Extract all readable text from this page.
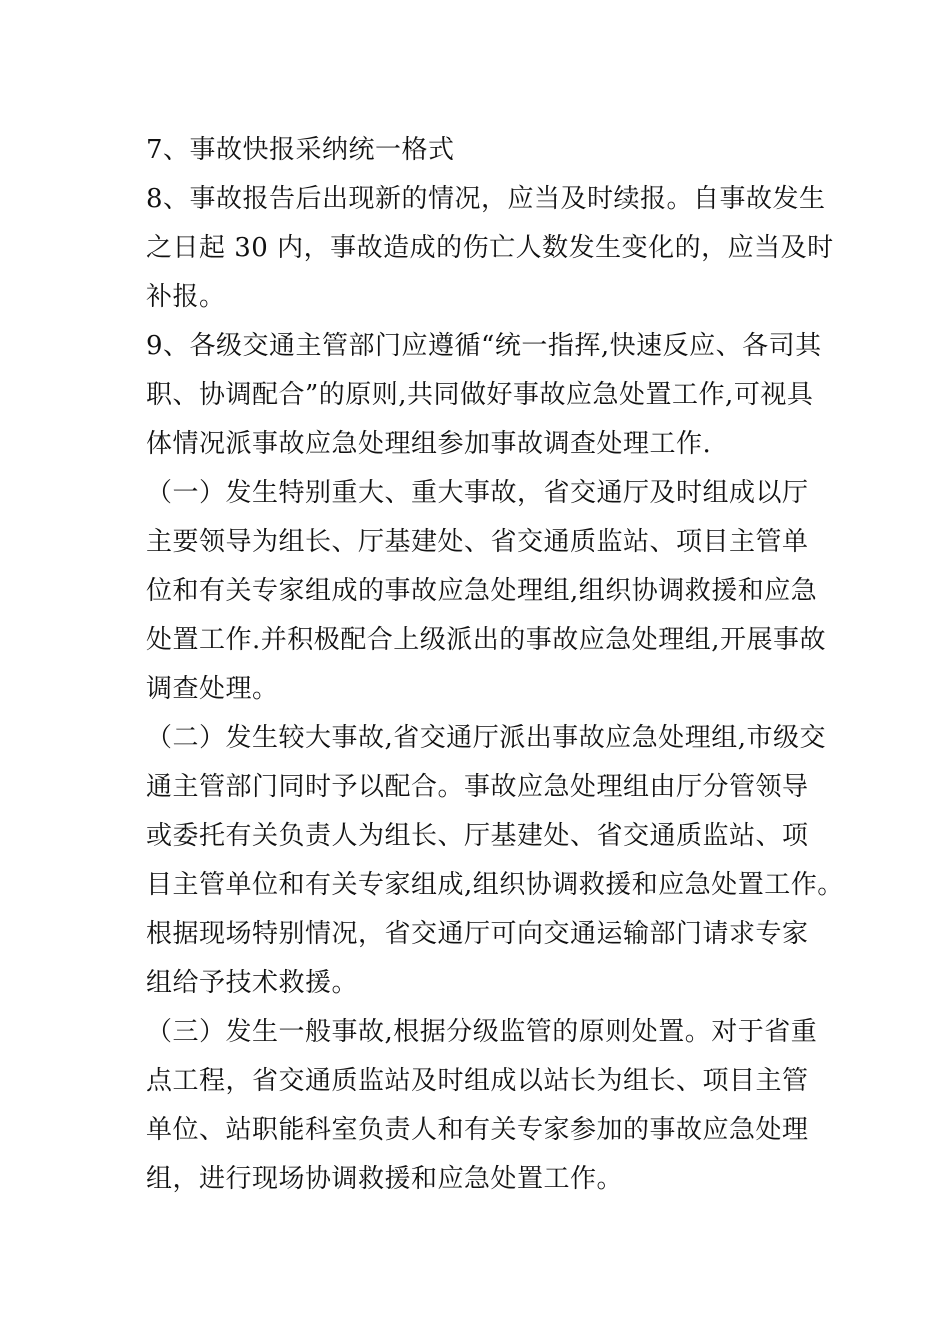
7、事故快报采纳统一格式
8、事故报告后出现新的情况，应当及时续报。自事故发生
之日起 30 内，事故造成的伤亡人数发生变化的，应当及时
补报。
9、各级交通主管部门应遵循“统一指挥,快速反应、各司其
职、协调配合”的原则,共同做好事故应急处置工作,可视具
体情况派事故应急处理组参加事故调查处理工作.
（一）发生特别重大、重大事故，省交通厅及时组成以厅
主要领导为组长、厅基建处、省交通质监站、项目主管单
位和有关专家组成的事故应急处理组,组织协调救援和应急
处置工作.并积极配合上级派出的事故应急处理组,开展事故
调查处理。
（二）发生较大事故,省交通厅派出事故应急处理组,市级交
通主管部门同时予以配合。事故应急处理组由厅分管领导
或委托有关负责人为组长、厅基建处、省交通质监站、项
目主管单位和有关专家组成,组织协调救援和应急处置工作。
根据现场特别情况，省交通厅可向交通运输部门请求专家
组给予技术救援。
（三）发生一般事故,根据分级监管的原则处置。对于省重
点工程，省交通质监站及时组成以站长为组长、项目主管
单位、站职能科室负责人和有关专家参加的事故应急处理
组，进行现场协调救援和应急处置工作。
